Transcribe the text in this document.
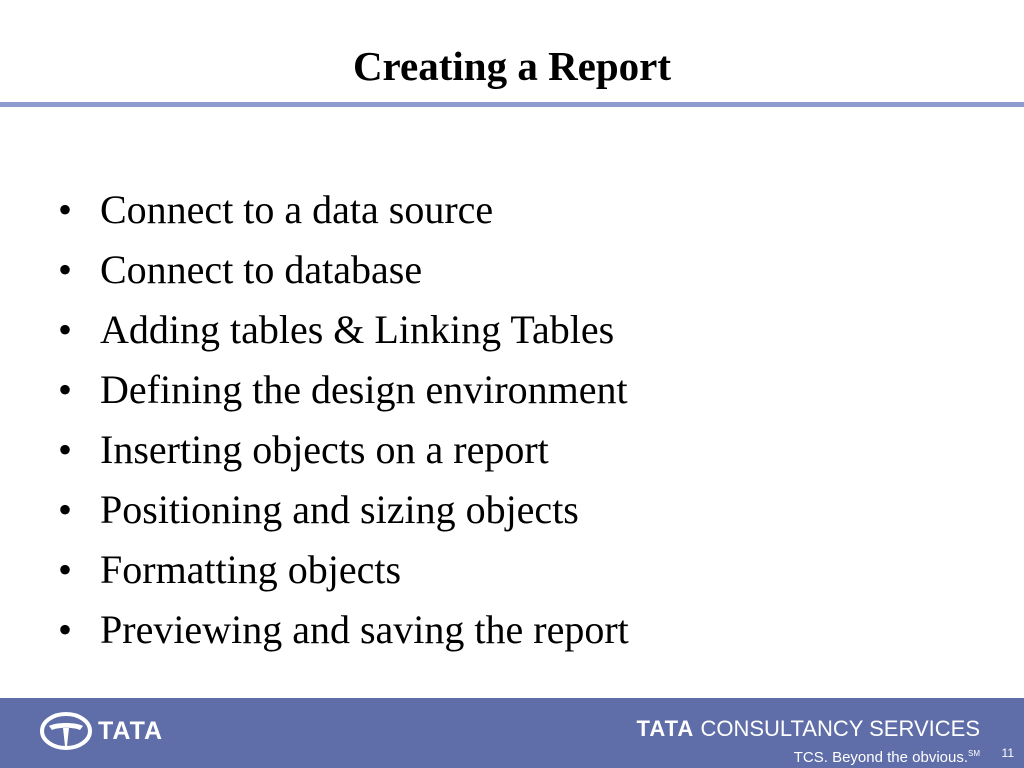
Creating a Report
• Connect to a data source
• Connect to database
• Adding tables & Linking Tables
• Defining the design environment
• Inserting objects on a report
• Positioning and sizing objects
• Formatting objects
• Previewing and saving the report
TATA	TATA CONSULTANCY SERVICES
TCS. Beyond the obvious.℠ 11
